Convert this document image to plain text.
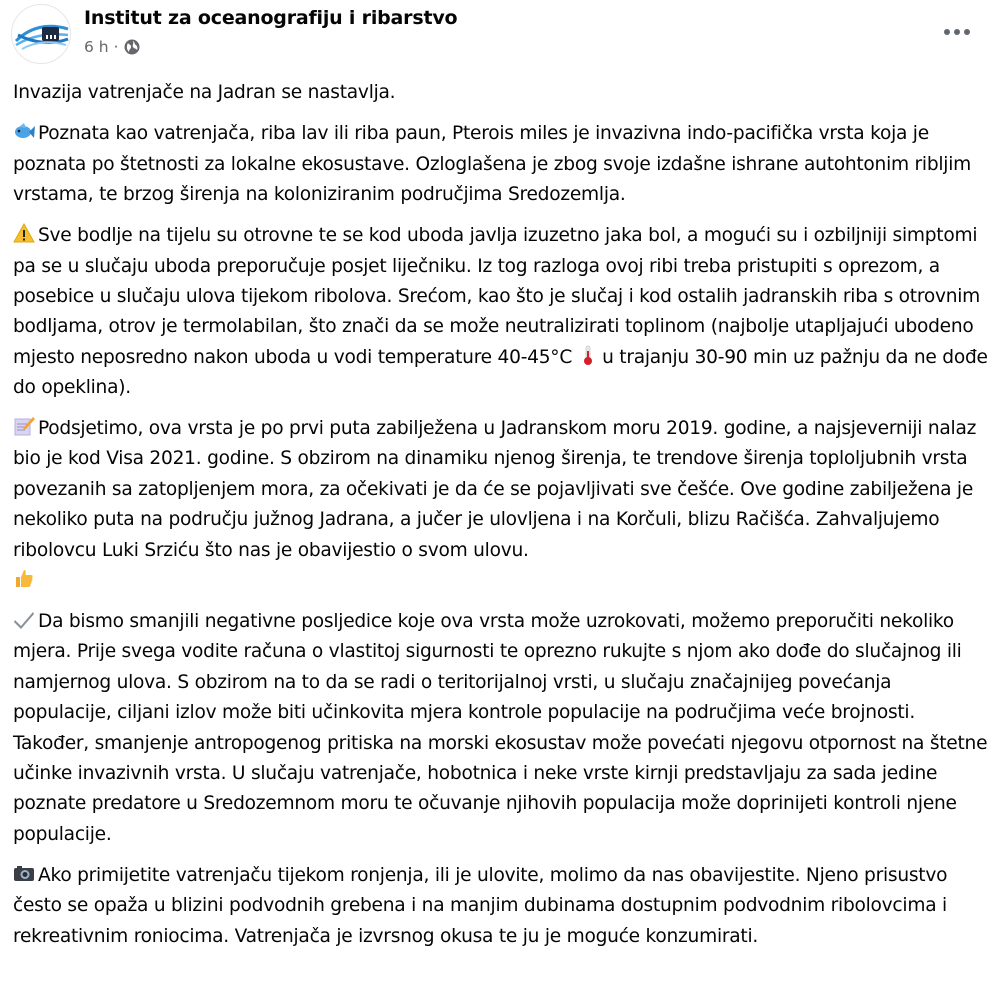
Institut za oceanografiju i ribarstvo
6 h ·
Invazija vatrenjače na Jadran se nastavlja.
Poznata kao vatrenjača, riba lav ili riba paun, Pterois miles je invazivna indo-pacifička vrsta koja je poznata po štetnosti za lokalne ekosustave. Ozloglašena je zbog svoje izdašne ishrane autohtonim ribljim vrstama, te brzog širenja na koloniziranim područjima Sredozemlja.
Sve bodlje na tijelu su otrovne te se kod uboda javlja izuzetno jaka bol, a mogući su i ozbiljniji simptomi pa se u slučaju uboda preporučuje posjet liječniku. Iz tog razloga ovoj ribi treba pristupiti s oprezom, a posebice u slučaju ulova tijekom ribolova. Srećom, kao što je slučaj i kod ostalih jadranskih riba s otrovnim bodljama, otrov je termolabilan, što znači da se može neutralizirati toplinom (najbolje utapljajući ubodeno mjesto neposredno nakon uboda u vodi temperature 40-45°C u trajanju 30-90 min uz pažnju da ne dođe do opeklina).
Podsjetimo, ova vrsta je po prvi puta zabilježena u Jadranskom moru 2019. godine, a najsjeverniji nalaz bio je kod Visa 2021. godine. S obzirom na dinamiku njenog širenja, te trendove širenja toploljubnih vrsta povezanih sa zatopljenjem mora, za očekivati je da će se pojavljivati sve češće. Ove godine zabilježena je nekoliko puta na području južnog Jadrana, a jučer je ulovljena i na Korčuli, blizu Račišća. Zahvaljujemo ribolovcu Luki Srziću što nas je obavijestio o svom ulovu.

Da bismo smanjili negativne posljedice koje ova vrsta može uzrokovati, možemo preporučiti nekoliko mjera. Prije svega vodite računa o vlastitoj sigurnosti te oprezno rukujte s njom ako dođe do slučajnog ili namjernog ulova. S obzirom na to da se radi o teritorijalnoj vrsti, u slučaju značajnijeg povećanja populacije, ciljani izlov može biti učinkovita mjera kontrole populacije na područjima veće brojnosti. Također, smanjenje antropogenog pritiska na morski ekosustav može povećati njegovu otpornost na štetne učinke invazivnih vrsta. U slučaju vatrenjače, hobotnica i neke vrste kirnji predstavljaju za sada jedine poznate predatore u Sredozemnom moru te očuvanje njihovih populacija može doprinijeti kontroli njene populacije.
Ako primijetite vatrenjaču tijekom ronjenja, ili je ulovite, molimo da nas obavijestite. Njeno prisustvo često se opaža u blizini podvodnih grebena i na manjim dubinama dostupnim podvodnim ribolovcima i rekreativnim roniocima. Vatrenjača je izvrsnog okusa te ju je moguće konzumirati.
